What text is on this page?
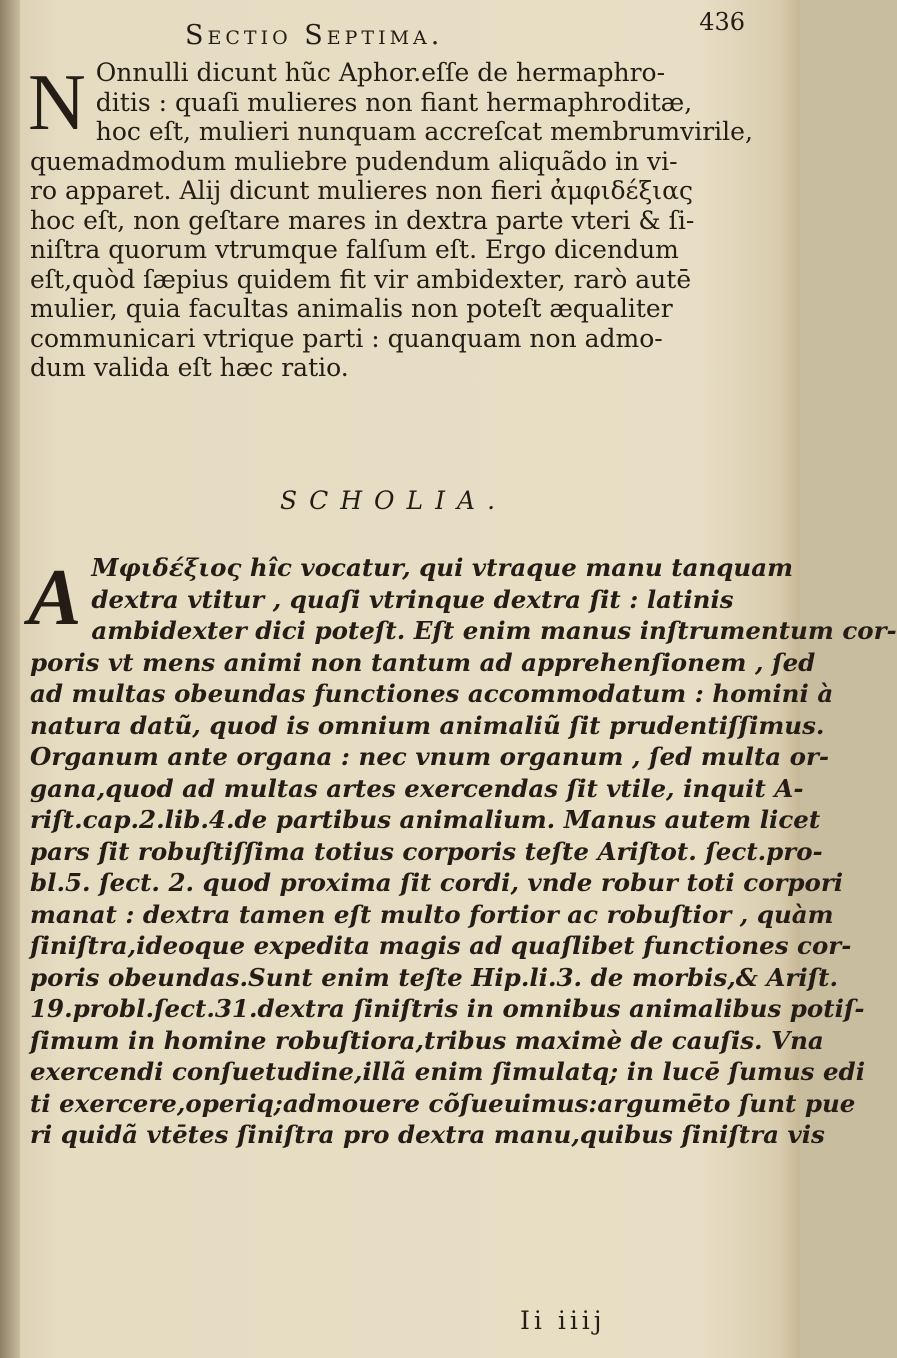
Sectio Septima.	436
N Onnulli dicunt hũc Aphor.eſſe de hermaphro-
ditis : quaſi mulieres non fiant hermaphroditæ,
hoc eſt, mulieri nunquam accreſcat membrumvirile,
quemadmodum muliebre pudendum aliquãdo in vi-
ro apparet. Alij dicunt mulieres non fieri ἀμφιδέξιας
hoc eſt, non geſtare mares in dextra parte vteri & ſi-
niſtra quorum vtrumque falſum eſt. Ergo dicendum
eſt,quòd ſæpius quidem fit vir ambidexter, rarò autē
mulier, quia facultas animalis non poteſt æqualiter
communicari vtrique parti : quanquam non admo-
dum valida eſt hæc ratio.
SCHOLIA.
A Μφιδέξιος hîc vocatur, qui vtraque manu tanquam
dextra vtitur , quaſi vtrinque dextra ſit : latinis
ambidexter dici poteſt. Eſt enim manus inſtrumentum cor-
poris vt mens animi non tantum ad apprehenſionem , ſed
ad multas obeundas functiones accommodatum : homini à
natura datũ, quod is omnium animaliũ ſit prudentiſſimus.
Organum ante organa : nec vnum organum , ſed multa or-
gana,quod ad multas artes exercendas ſit vtile, inquit A-
riſt.cap.2.lib.4.de partibus animalium. Manus autem licet
pars ſit robuſtiſſima totius corporis teſte Ariſtot. ſect.pro-
bl.5. ſect. 2. quod proxima ſit cordi, vnde robur toti corpori
manat : dextra tamen eſt multo fortior ac robuſtior , quàm
ſiniſtra,ideoque expedita magis ad quaſlibet functiones cor-
poris obeundas.Sunt enim teſte Hip.li.3. de morbis,& Ariſt.
19.probl.ſect.31.dextra ſiniſtris in omnibus animalibus potiſ-
ſimum in homine robuſtiora,tribus maximè de cauſis. Vna
exercendi conſuetudine,illã enim ſimulatq; in lucē ſumus edi
ti exercere,operiq;admouere cõſueuimus:argumēto ſunt pue
ri quidã vtētes ſiniſtra pro dextra manu,quibus ſiniſtra vis
Ii iiij
